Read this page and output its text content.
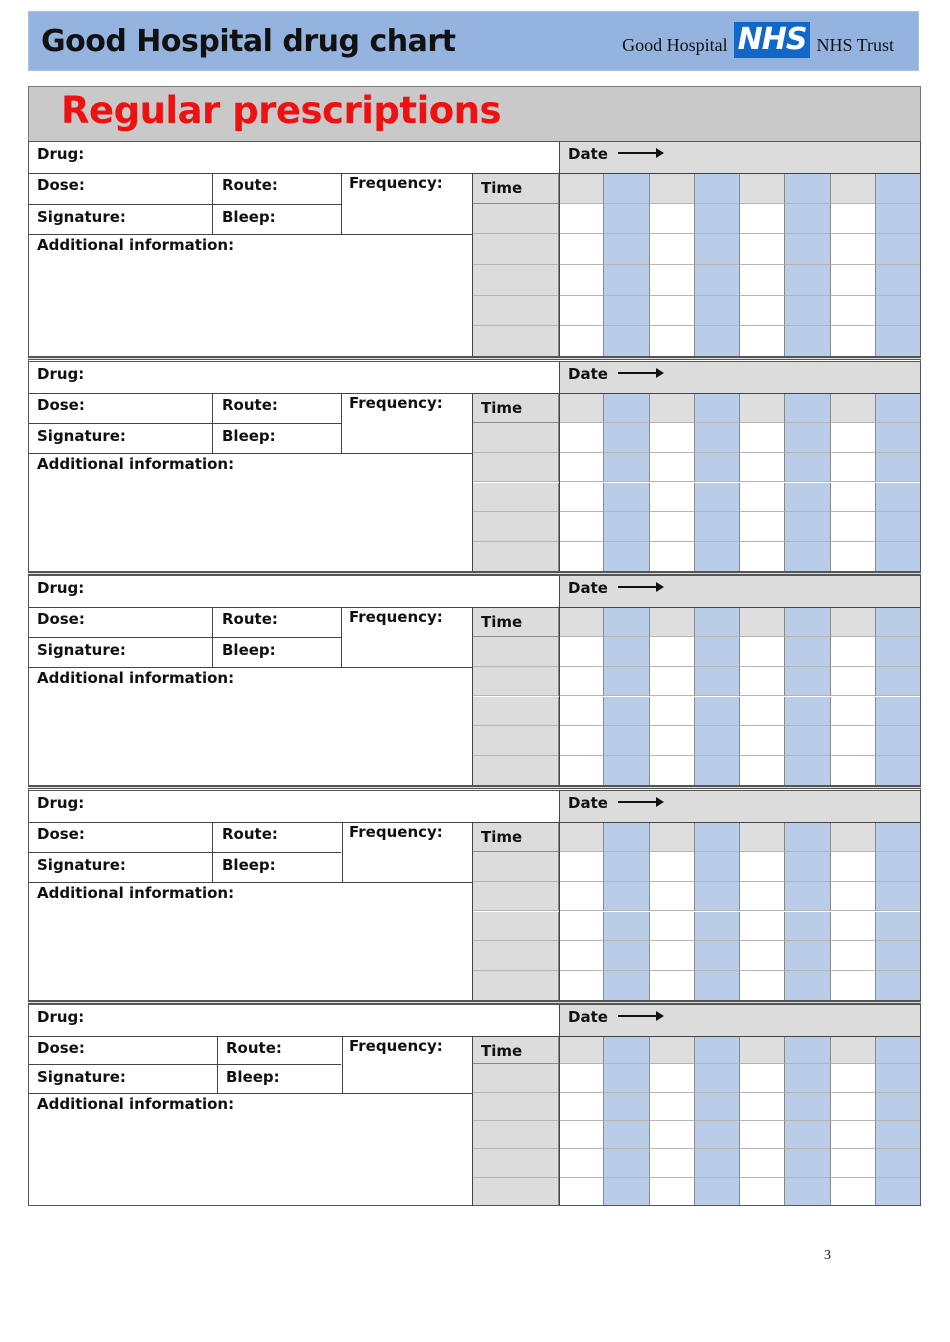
Good Hospital drug chart	Good Hospital NHS NHS Trust
Regular prescriptions
Drug:
Dose:	Route:	Frequency:
Signature:	Bleep:
Additional information:
Date
Time
Drug:
Dose:	Route:	Frequency:
Signature:	Bleep:
Additional information:
Date
Time
Drug:
Dose:	Route:	Frequency:
Signature:	Bleep:
Additional information:
Date
Time
Drug:
Dose:	Route:	Frequency:
Signature:	Bleep:
Additional information:
Date
Time
Drug:
Dose:	Route:	Frequency:
Signature:	Bleep:
Additional information:
Date
Time
3
